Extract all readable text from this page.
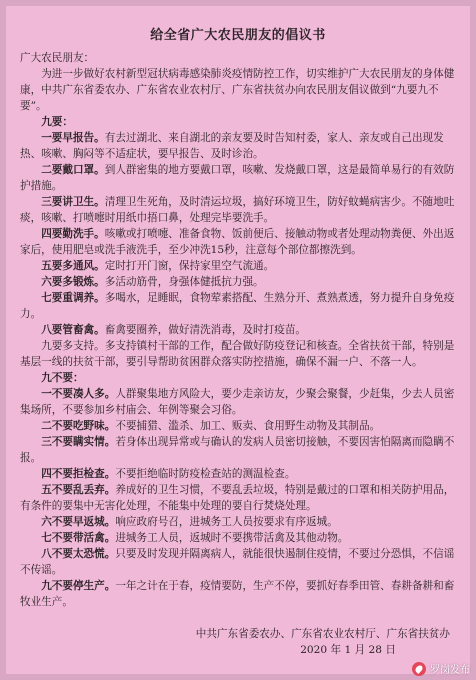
给全省广大农民朋友的倡议书

广大农民朋友：

为进一步做好农村新型冠状病毒感染肺炎疫情防控工作，切实维护广大农民朋友的身体健康，中共广东省委农办、广东省农业农村厅、广东省扶贫办向农民朋友倡议做到“九要九不要”。

九要：

一要早报告。有去过湖北、来自湖北的亲友要及时告知村委，家人、亲友或自己出现发热、咳嗽、胸闷等不适症状，要早报告、及时诊治。

二要戴口罩。到人群密集的地方要戴口罩，咳嗽、发烧戴口罩，这是最简单易行的有效防护措施。

三要讲卫生。清理卫生死角，及时清运垃圾，搞好环境卫生，防好蚊蝇病害少。不随地吐痰，咳嗽、打喷嚏时用纸巾捂口鼻，处理完毕要洗手。

四要勤洗手。咳嗽或打喷嚏、准备食物、饭前便后、接触动物或者处理动物粪便、外出返家后，使用肥皂或洗手液洗手，至少冲洗15秒，注意每个部位都擦洗到。

五要多通风。定时打开门窗，保持家里空气流通。

六要多锻炼。多活动筋骨，身强体健抵抗力强。

七要重调养。多喝水，足睡眠，食物荤素搭配、生熟分开、煮熟煮透，努力提升自身免疫力。

八要管畜禽。畜禽要圈养，做好清洗消毒，及时打疫苗。

九要多支持。多支持镇村干部的工作，配合做好防疫登记和核查。全省扶贫干部，特别是基层一线的扶贫干部，要引导帮助贫困群众落实防控措施，确保不漏一户、不落一人。

九不要：

一不要凑人多。人群聚集地方风险大，要少走亲访友，少聚会聚餐，少赶集，少去人员密集场所，不要参加乡村庙会、年例等聚会习俗。

二不要吃野味。不要捕猎、滥杀、加工、贩卖、食用野生动物及其制品。

三不要瞒实情。若身体出现异常或与确认的发病人员密切接触，不要因害怕隔离而隐瞒不报。

四不要拒检查。不要拒绝临时防疫检查站的测温检查。

五不要乱丢弃。养成好的卫生习惯，不要乱丢垃圾，特别是戴过的口罩和相关防护用品，有条件的要集中无害化处理，不能集中处理的要自行焚烧处理。

六不要早返城。响应政府号召，进城务工人员按要求有序返城。

七不要带活禽。进城务工人员，返城时不要携带活禽及其他动物。

八不要太恐慌。只要及时发现并隔离病人，就能很快遏制住疫情，不要过分恐惧，不信谣不传谣。

九不要停生产。一年之计在于春，疫情要防，生产不停，要抓好春季田管、春耕备耕和畜牧业生产。

中共广东省委农办、广东省农业农村厅、广东省扶贫办
2020 年 1 月 28 日
罗岗发布
